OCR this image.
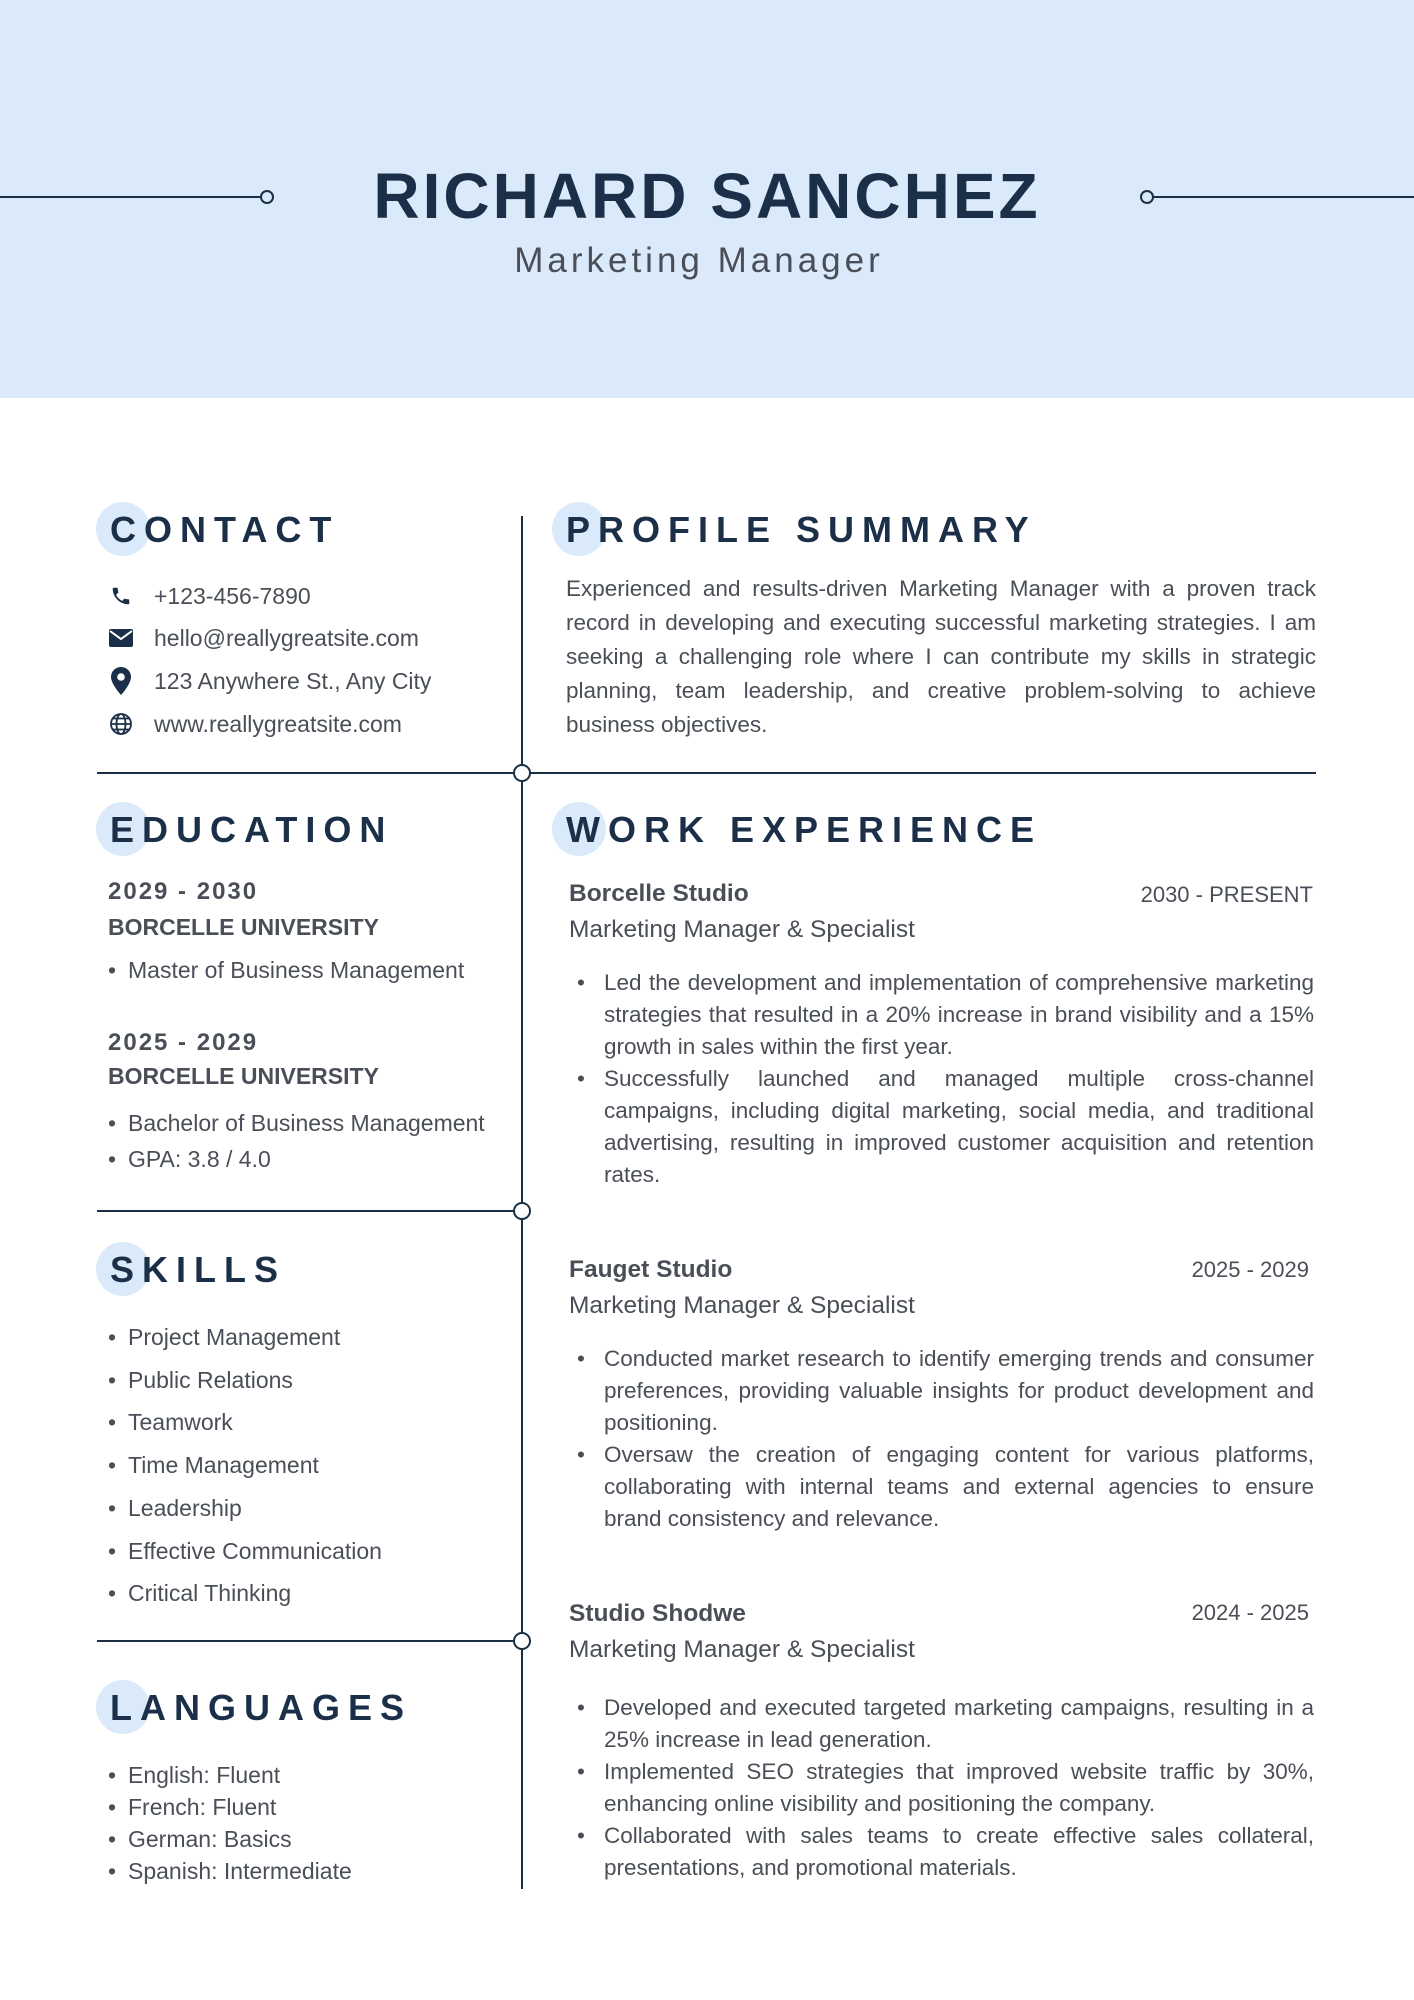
RICHARD SANCHEZ
Marketing Manager
CONTACT
+123-456-7890
hello@reallygreatsite.com
123 Anywhere St., Any City
www.reallygreatsite.com
PROFILE SUMMARY
Experienced and results-driven Marketing Manager with a proven track record in developing and executing successful marketing strategies. I am seeking a challenging role where I can contribute my skills in strategic planning, team leadership, and creative problem-solving to achieve business objectives.
EDUCATION
2029 - 2030
BORCELLE UNIVERSITY
• Master of Business Management
2025 - 2029
BORCELLE UNIVERSITY
• Bachelor of Business Management
• GPA: 3.8 / 4.0
SKILLS
• Project Management
• Public Relations
• Teamwork
• Time Management
• Leadership
• Effective Communication
• Critical Thinking
LANGUAGES
• English: Fluent
• French: Fluent
• German: Basics
• Spanish: Intermediate
WORK EXPERIENCE
Borcelle Studio	2030 - PRESENT
Marketing Manager & Specialist
• Led the development and implementation of comprehensive marketing strategies that resulted in a 20% increase in brand visibility and a 15% growth in sales within the first year.
• Successfully launched and managed multiple cross-channel campaigns, including digital marketing, social media, and traditional advertising, resulting in improved customer acquisition and retention rates.
Fauget Studio	2025 - 2029
Marketing Manager & Specialist
• Conducted market research to identify emerging trends and consumer preferences, providing valuable insights for product development and positioning.
• Oversaw the creation of engaging content for various platforms, collaborating with internal teams and external agencies to ensure brand consistency and relevance.
Studio Shodwe	2024 - 2025
Marketing Manager & Specialist
• Developed and executed targeted marketing campaigns, resulting in a 25% increase in lead generation.
• Implemented SEO strategies that improved website traffic by 30%, enhancing online visibility and positioning the company.
• Collaborated with sales teams to create effective sales collateral, presentations, and promotional materials.
